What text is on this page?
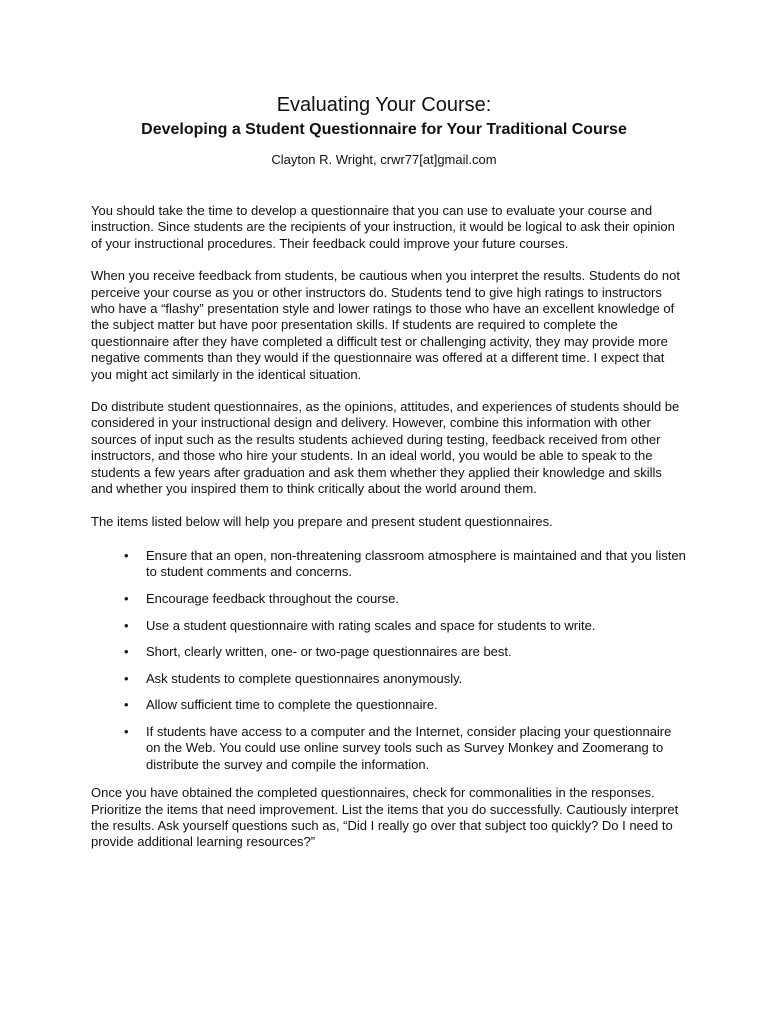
Evaluating Your Course:
Developing a Student Questionnaire for Your Traditional Course
Clayton R. Wright, crwr77[at]gmail.com

You should take the time to develop a questionnaire that you can use to evaluate your course and instruction. Since students are the recipients of your instruction, it would be logical to ask their opinion of your instructional procedures. Their feedback could improve your future courses.

When you receive feedback from students, be cautious when you interpret the results. Students do not perceive your course as you or other instructors do. Students tend to give high ratings to instructors who have a “flashy” presentation style and lower ratings to those who have an excellent knowledge of the subject matter but have poor presentation skills. If students are required to complete the questionnaire after they have completed a difficult test or challenging activity, they may provide more negative comments than they would if the questionnaire was offered at a different time. I expect that you might act similarly in the identical situation.

Do distribute student questionnaires, as the opinions, attitudes, and experiences of students should be considered in your instructional design and delivery. However, combine this information with other sources of input such as the results students achieved during testing, feedback received from other instructors, and those who hire your students. In an ideal world, you would be able to speak to the students a few years after graduation and ask them whether they applied their knowledge and skills and whether you inspired them to think critically about the world around them.

The items listed below will help you prepare and present student questionnaires.

• Ensure that an open, non-threatening classroom atmosphere is maintained and that you listen to student comments and concerns.
• Encourage feedback throughout the course.
• Use a student questionnaire with rating scales and space for students to write.
• Short, clearly written, one- or two-page questionnaires are best.
• Ask students to complete questionnaires anonymously.
• Allow sufficient time to complete the questionnaire.
• If students have access to a computer and the Internet, consider placing your questionnaire on the Web. You could use online survey tools such as Survey Monkey and Zoomerang to distribute the survey and compile the information.

Once you have obtained the completed questionnaires, check for commonalities in the responses. Prioritize the items that need improvement. List the items that you do successfully. Cautiously interpret the results. Ask yourself questions such as, “Did I really go over that subject too quickly? Do I need to provide additional learning resources?”
